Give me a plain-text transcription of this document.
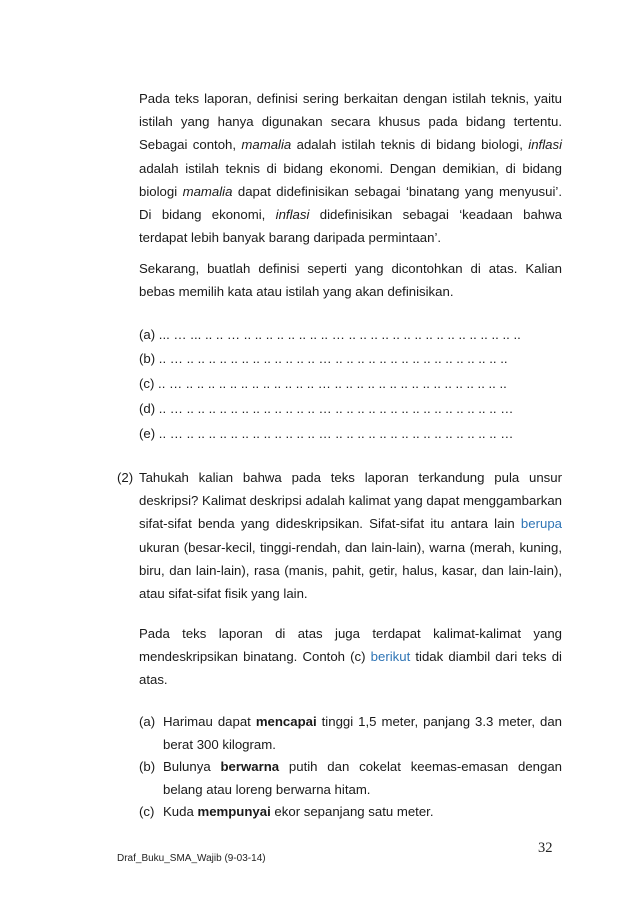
Pada teks laporan, definisi sering berkaitan dengan istilah teknis, yaitu istilah yang hanya digunakan secara khusus pada bidang tertentu. Sebagai contoh, mamalia adalah istilah teknis di bidang biologi, inflasi adalah istilah teknis di bidang ekonomi. Dengan demikian, di bidang biologi mamalia dapat didefinisikan sebagai ‘binatang yang menyusui’. Di bidang ekonomi, inflasi didefinisikan sebagai ‘keadaan bahwa terdapat lebih banyak barang daripada permintaan’.

Sekarang, buatlah definisi seperti yang dicontohkan di atas. Kalian bebas memilih kata atau istilah yang akan definisikan.

(a) ... … ... .. .. … .. .. .. .. .. .. .. .. … .. .. .. .. .. .. .. .. .. .. .. .. .. .. .. ..
(b) .. … .. .. .. .. .. .. .. .. .. .. .. .. … .. .. .. .. .. .. .. .. .. .. .. .. .. .. .. ..
(c) .. … .. .. .. .. .. .. .. .. .. .. .. .. … .. .. .. .. .. .. .. .. .. .. .. .. .. .. .. ..
(d) .. … .. .. .. .. .. .. .. .. .. .. .. .. … .. .. .. .. .. .. .. .. .. .. .. .. .. .. .. …
(e) .. … .. .. .. .. .. .. .. .. .. .. .. .. … .. .. .. .. .. .. .. .. .. .. .. .. .. .. .. …
(2) Tahukah kalian bahwa pada teks laporan terkandung pula unsur deskripsi? Kalimat deskripsi adalah kalimat yang dapat menggambarkan sifat-sifat benda yang dideskripsikan. Sifat-sifat itu antara lain berupa ukuran (besar-kecil, tinggi-rendah, dan lain-lain), warna (merah, kuning, biru, dan lain-lain), rasa (manis, pahit, getir, halus, kasar, dan lain-lain), atau sifat-sifat fisik yang lain.

Pada teks laporan di atas juga terdapat kalimat-kalimat yang mendeskripsikan binatang. Contoh (c) berikut tidak diambil dari teks di atas.

(a) Harimau dapat mencapai tinggi 1,5 meter, panjang 3.3 meter, dan berat 300 kilogram.
(b) Bulunya berwarna putih dan cokelat keemas-emasan dengan belang atau loreng berwarna hitam.
(c) Kuda mempunyai ekor sepanjang satu meter.
Draf_Buku_SMA_Wajib (9-03-14)
32
